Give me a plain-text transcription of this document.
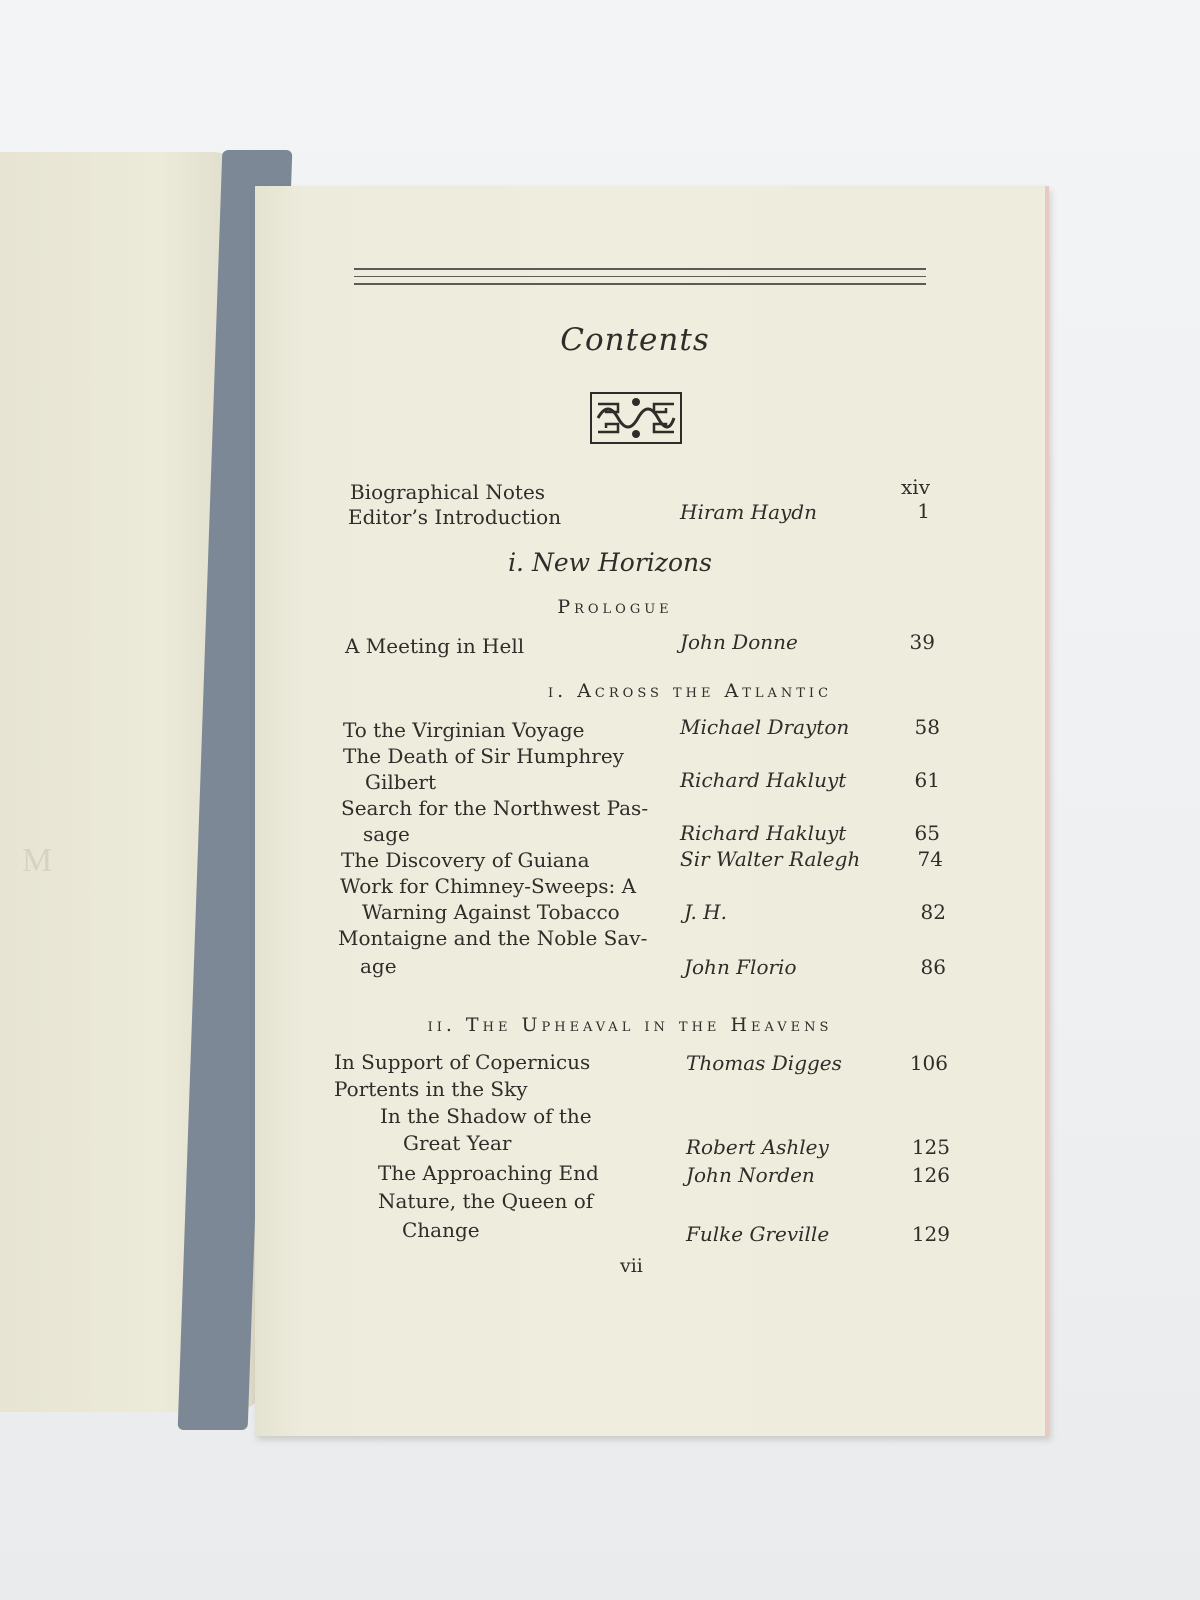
M
Contents
Biographical Notes	xiv
Editor’s Introduction	Hiram Haydn	1
i. New Horizons
Prologue
A Meeting in Hell	John Donne	39
i. Across the Atlantic
To the Virginian Voyage	Michael Drayton	58
The Death of Sir Humphrey
Gilbert	Richard Hakluyt	61
Search for the Northwest Pas-
sage	Richard Hakluyt	65
The Discovery of Guiana	Sir Walter Ralegh	74
Work for Chimney-Sweeps: A
Warning Against Tobacco	J. H.	82
Montaigne and the Noble Sav-
age	John Florio	86
ii. The Upheaval in the Heavens
In Support of Copernicus	Thomas Digges	106
Portents in the Sky
In the Shadow of the
Great Year	Robert Ashley	125
The Approaching End	John Norden	126
Nature, the Queen of
Change	Fulke Greville	129
vii
